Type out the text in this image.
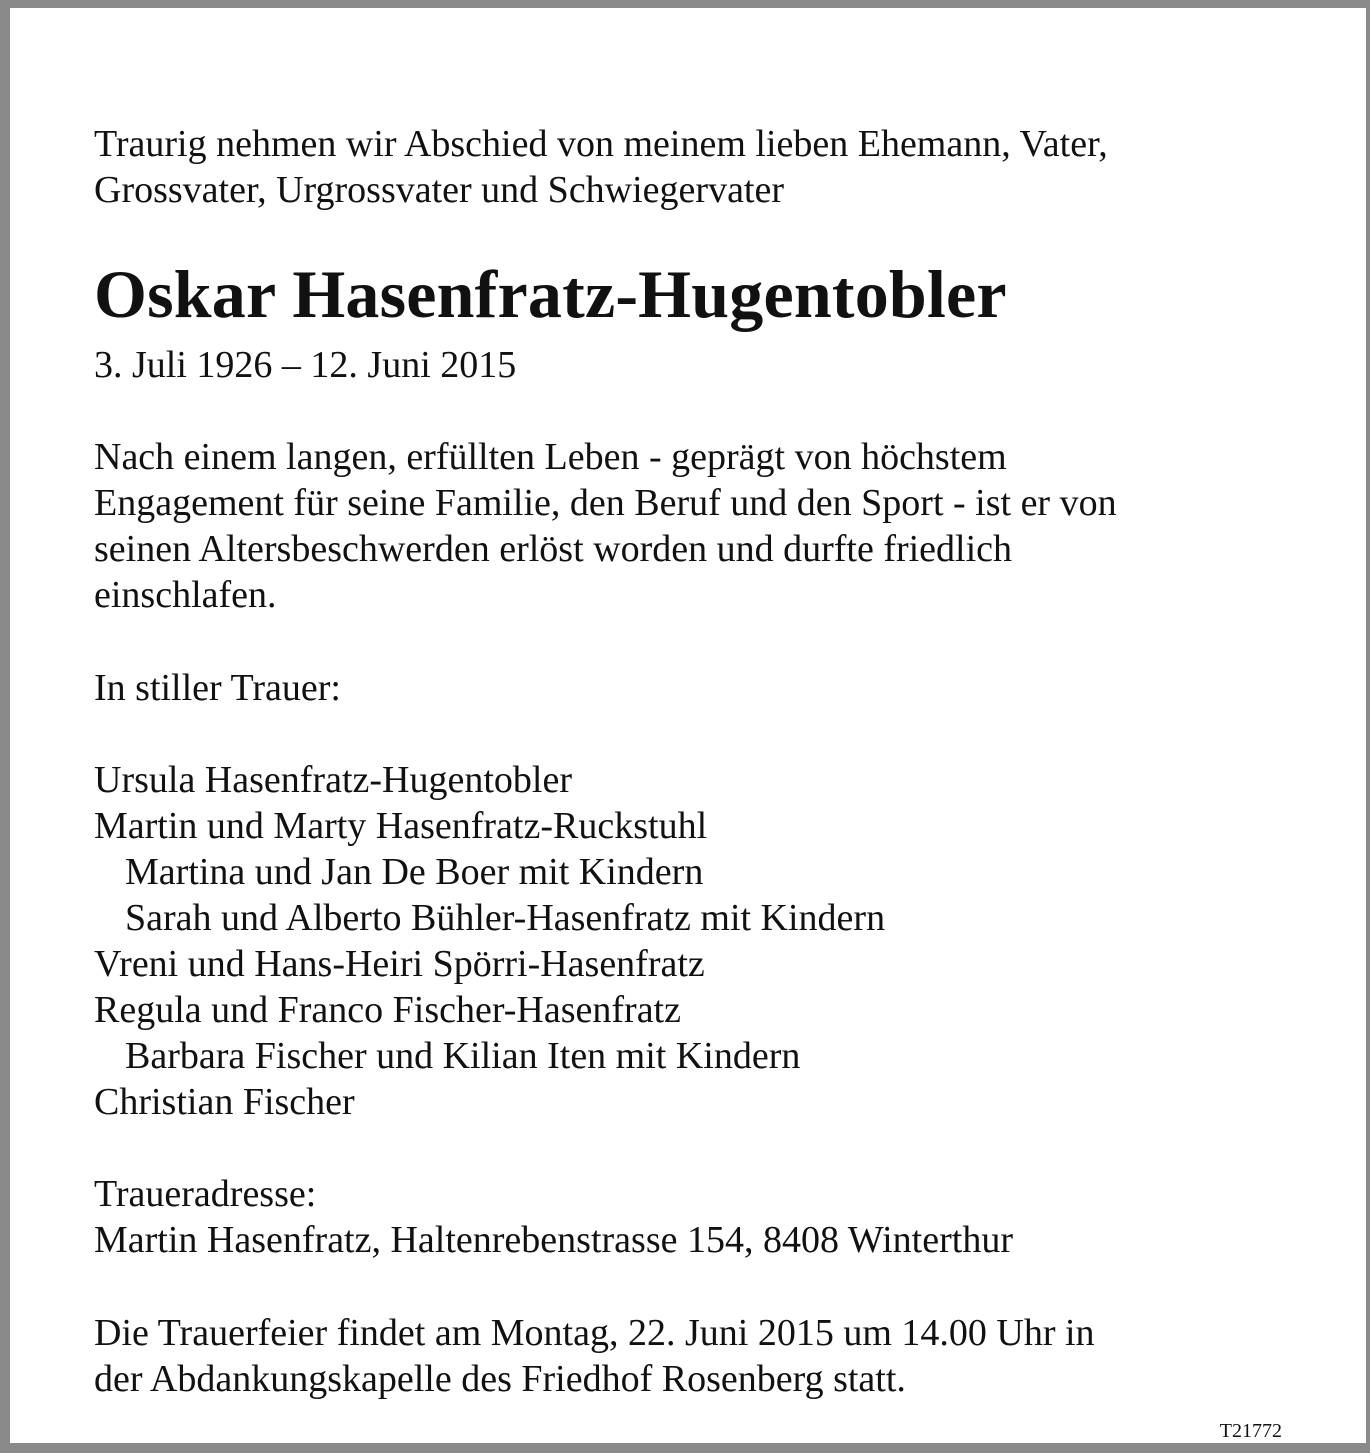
Traurig nehmen wir Abschied von meinem lieben Ehemann, Vater,

Grossvater, Urgrossvater und Schwiegervater

Oskar Hasenfratz-Hugentobler

3. Juli 1926 – 12. Juni 2015

Nach einem langen, erfüllten Leben - geprägt von höchstem

Engagement für seine Familie, den Beruf und den Sport - ist er von

seinen Altersbeschwerden erlöst worden und durfte friedlich

einschlafen.

In stiller Trauer:

Ursula Hasenfratz-Hugentobler

Martin und Marty Hasenfratz-Ruckstuhl

Martina und Jan De Boer mit Kindern

Sarah und Alberto Bühler-Hasenfratz mit Kindern

Vreni und Hans-Heiri Spörri-Hasenfratz

Regula und Franco Fischer-Hasenfratz

Barbara Fischer und Kilian Iten mit Kindern

Christian Fischer

Traueradresse:

Martin Hasenfratz, Haltenrebenstrasse 154, 8408 Winterthur

Die Trauerfeier findet am Montag, 22. Juni 2015 um 14.00 Uhr in

der Abdankungskapelle des Friedhof Rosenberg statt.

T21772
